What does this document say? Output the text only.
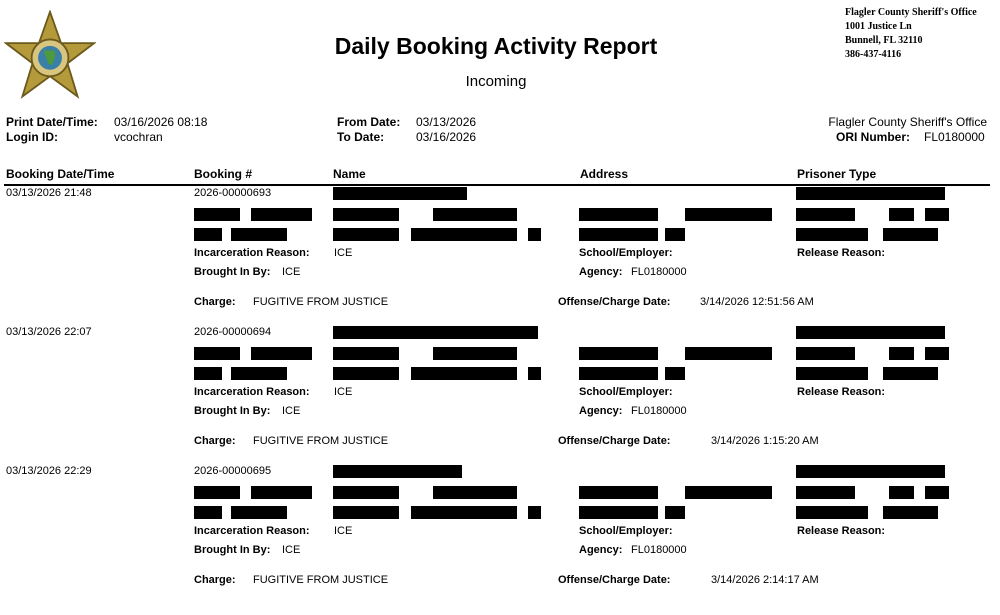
Daily Booking Activity Report
Incoming
Flagler County Sheriff's Office
1001 Justice Ln
Bunnell, FL 32110
386-437-4116
Print Date/Time: 03/16/2026 08:18
Login ID:	vcochran
From Date: 03/13/2026
To Date:	03/16/2026
Flagler County Sheriff's Office
ORI Number: FL0180000
Booking Date/Time	Booking #	Name	Address	Prisoner Type
03/13/2026 21:48	2026-00000693
Incarceration Reason: ICE	School/Employer:	Release Reason:
Brought In By: ICE	Agency: FL0180000
Charge: FUGITIVE FROM JUSTICE	Offense/Charge Date:	3/14/2026 12:51:56 AM
03/13/2026 22:07	2026-00000694
Incarceration Reason: ICE	School/Employer:	Release Reason:
Brought In By: ICE	Agency: FL0180000
Charge: FUGITIVE FROM JUSTICE	Offense/Charge Date:	3/14/2026 1:15:20 AM
03/13/2026 22:29	2026-00000695
Incarceration Reason: ICE	School/Employer:	Release Reason:
Brought In By: ICE	Agency: FL0180000
Charge: FUGITIVE FROM JUSTICE	Offense/Charge Date:	3/14/2026 2:14:17 AM
